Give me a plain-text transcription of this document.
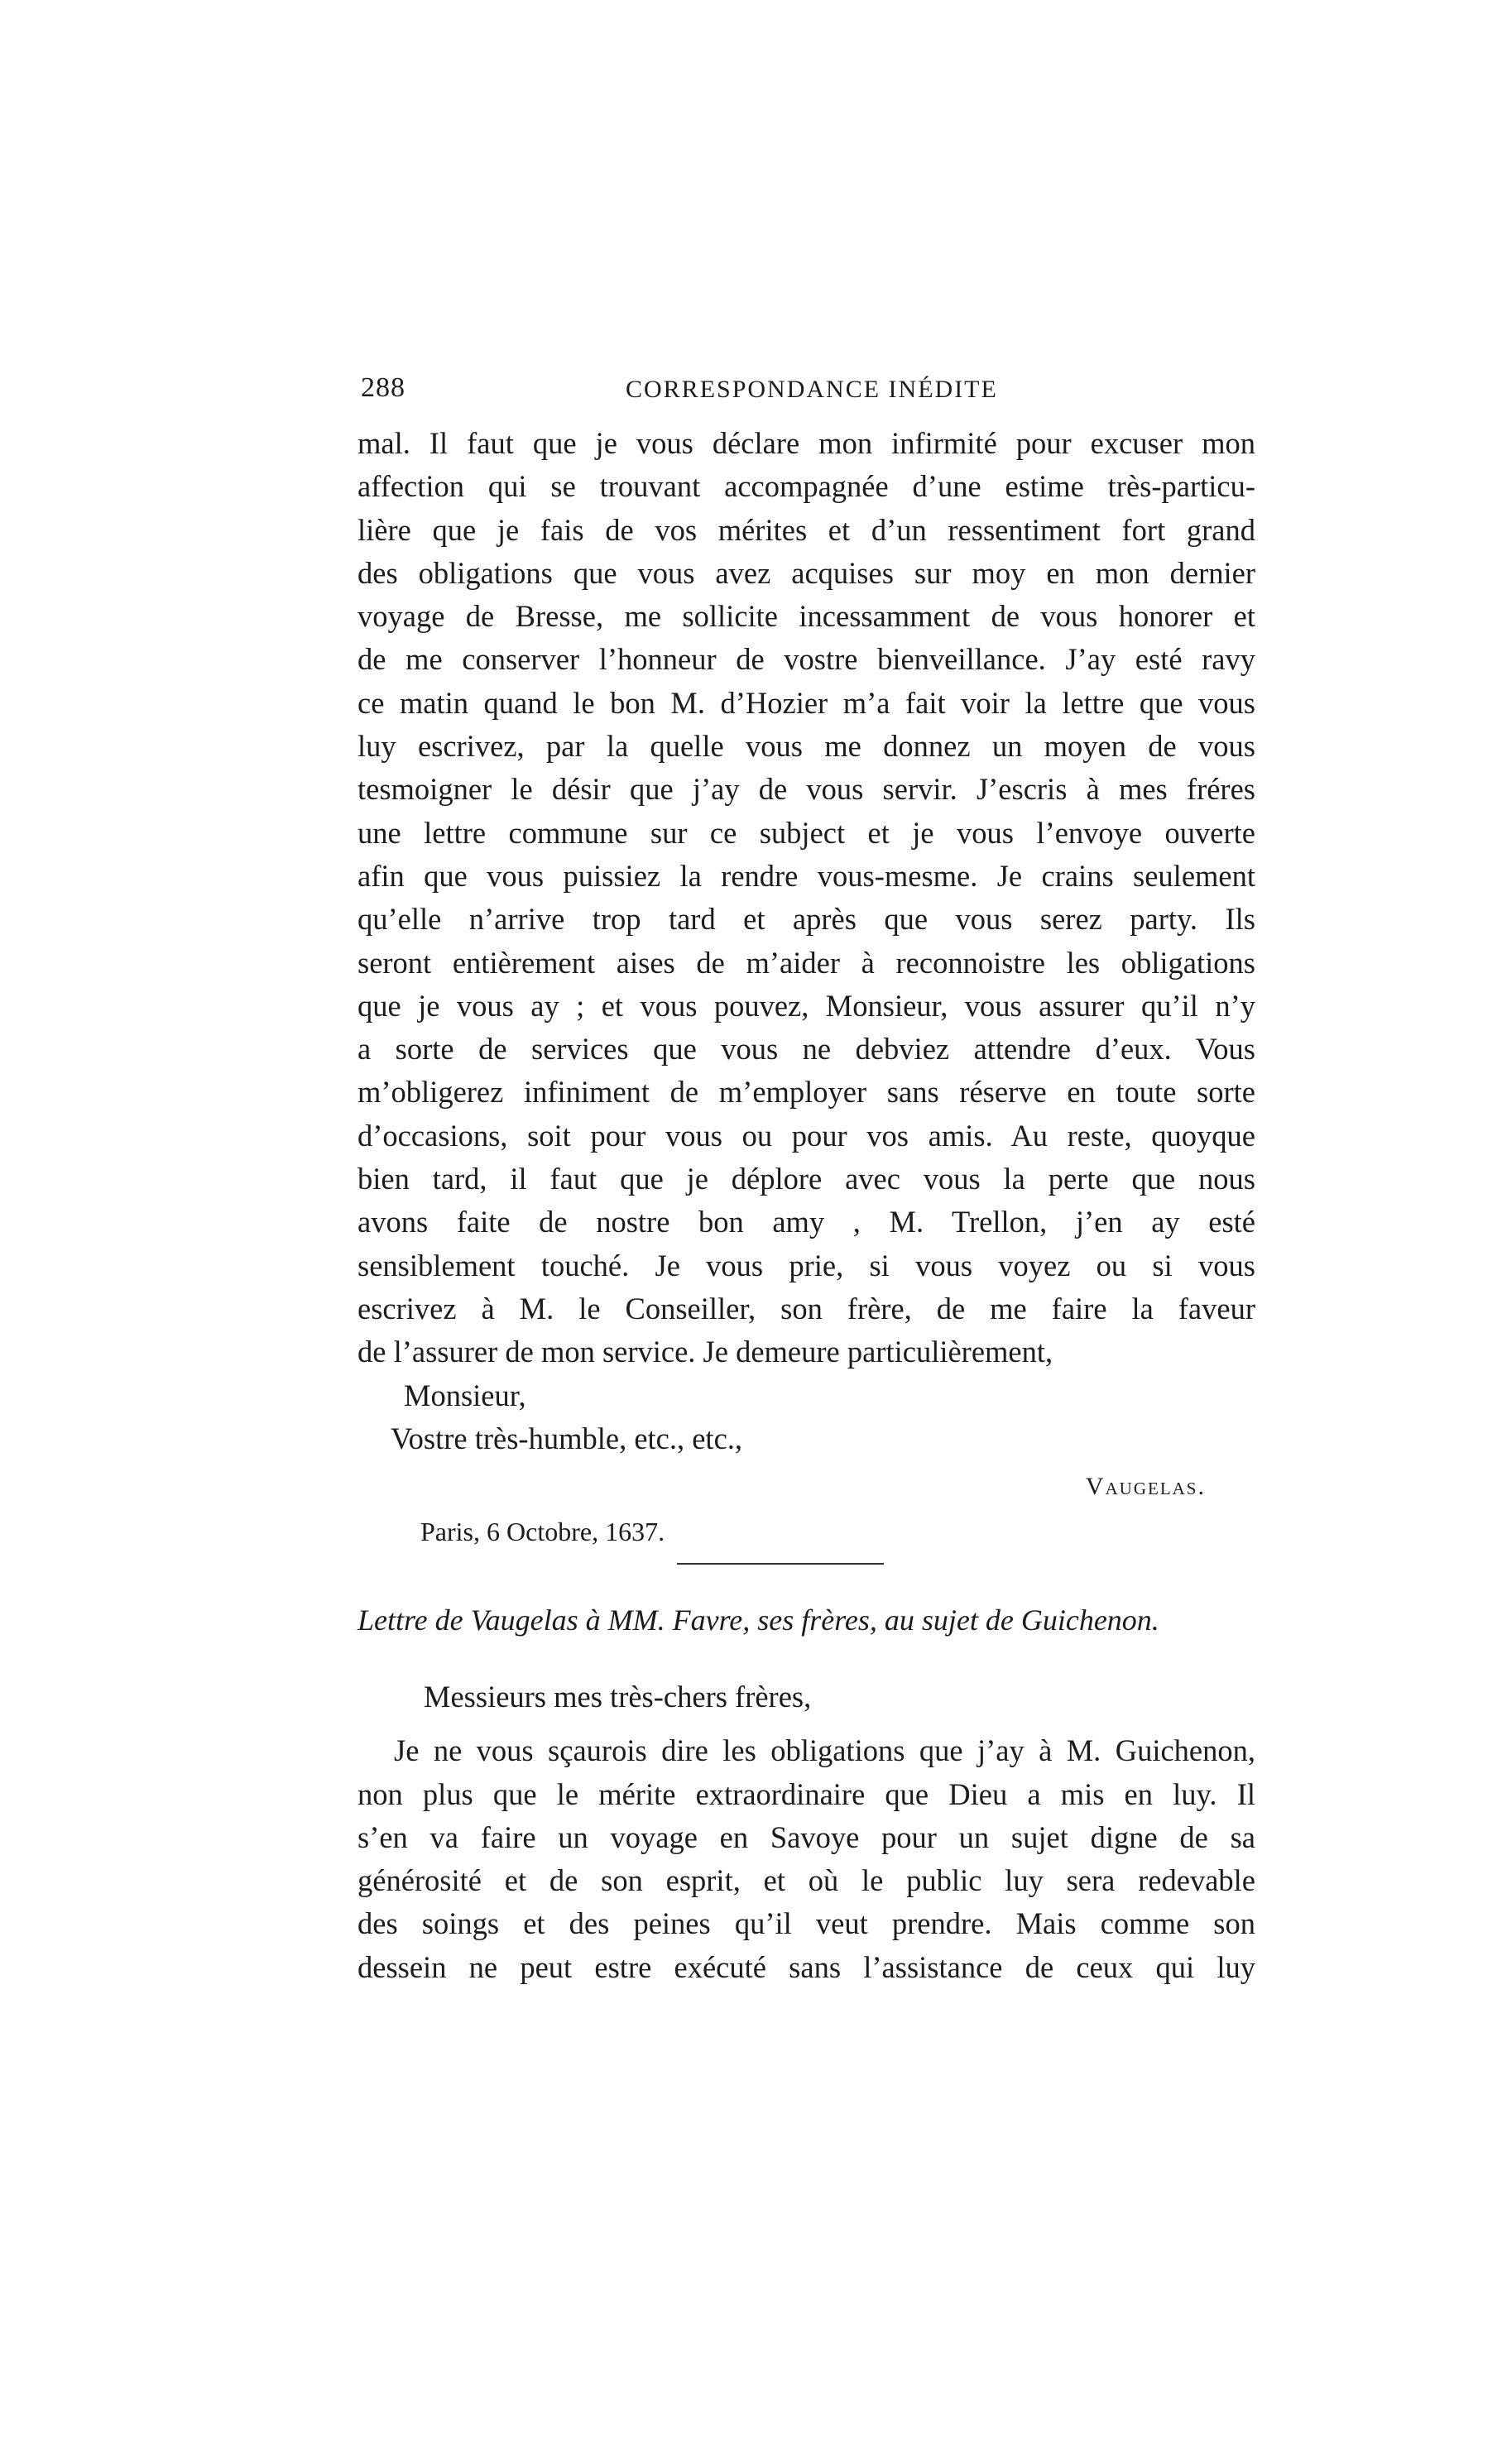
288	CORRESPONDANCE INÉDITE
mal. Il faut que je vous déclare mon infirmité pour excuser mon
affection qui se trouvant accompagnée d’une estime très-particu-
lière que je fais de vos mérites et d’un ressentiment fort grand
des obligations que vous avez acquises sur moy en mon dernier
voyage de Bresse, me sollicite incessamment de vous honorer et
de me conserver l’honneur de vostre bienveillance. J’ay esté ravy
ce matin quand le bon M. d’Hozier m’a fait voir la lettre que vous
luy escrivez, par la quelle vous me donnez un moyen de vous
tesmoigner le désir que j’ay de vous servir. J’escris à mes fréres
une lettre commune sur ce subject et je vous l’envoye ouverte
afin que vous puissiez la rendre vous-mesme. Je crains seulement
qu’elle n’arrive trop tard et après que vous serez party. Ils
seront entièrement aises de m’aider à reconnoistre les obligations
que je vous ay ; et vous pouvez, Monsieur, vous assurer qu’il n’y
a sorte de services que vous ne debviez attendre d’eux. Vous
m’obligerez infiniment de m’employer sans réserve en toute sorte
d’occasions, soit pour vous ou pour vos amis. Au reste, quoyque
bien tard, il faut que je déplore avec vous la perte que nous
avons faite de nostre bon amy , M. Trellon, j’en ay esté
sensiblement touché. Je vous prie, si vous voyez ou si vous
escrivez à M. le Conseiller, son frère, de me faire la faveur
de l’assurer de mon service. Je demeure particulièrement,
Monsieur,
Vostre très-humble, etc., etc.,
Vaugelas.
Paris, 6 Octobre, 1637.
Lettre de Vaugelas à MM. Favre, ses frères, au sujet de Guichenon.
Messieurs mes très-chers frères,
Je ne vous sçaurois dire les obligations que j’ay à M. Guichenon,
non plus que le mérite extraordinaire que Dieu a mis en luy. Il
s’en va faire un voyage en Savoye pour un sujet digne de sa
générosité et de son esprit, et où le public luy sera redevable
des soings et des peines qu’il veut prendre. Mais comme son
dessein ne peut estre exécuté sans l’assistance de ceux qui luy
